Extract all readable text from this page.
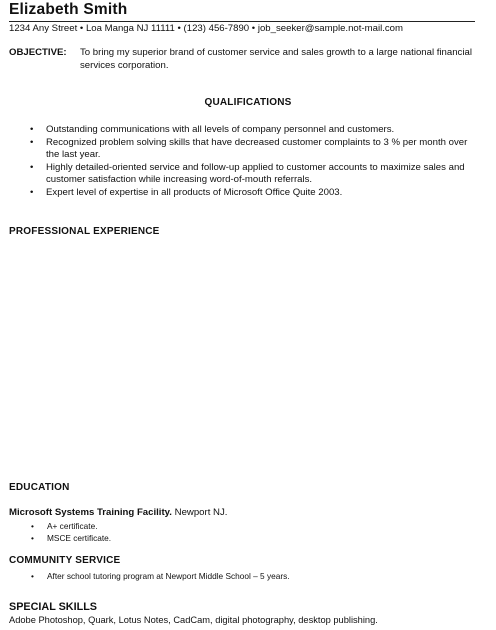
Elizabeth Smith
1234 Any Street • Loa Manga NJ 11111 • (123) 456-7890 • job_seeker@sample.not-mail.com
OBJECTIVE: To bring my superior brand of customer service and sales growth to a large national financial services corporation.
QUALIFICATIONS
• Outstanding communications with all levels of company personnel and customers.
• Recognized problem solving skills that have decreased customer complaints to 3 % per month over the last year.
• Highly detailed-oriented service and follow-up applied to customer accounts to maximize sales and customer satisfaction while increasing word-of-mouth referrals.
• Expert level of expertise in all products of Microsoft Office Quite 2003.
PROFESSIONAL EXPERIENCE
EDUCATION
Microsoft Systems Training Facility. Newport NJ.
• A+ certificate.
• MSCE certificate.
COMMUNITY SERVICE
• After school tutoring program at Newport Middle School – 5 years.
SPECIAL SKILLS
Adobe Photoshop, Quark, Lotus Notes, CadCam, digital photography, desktop publishing.
